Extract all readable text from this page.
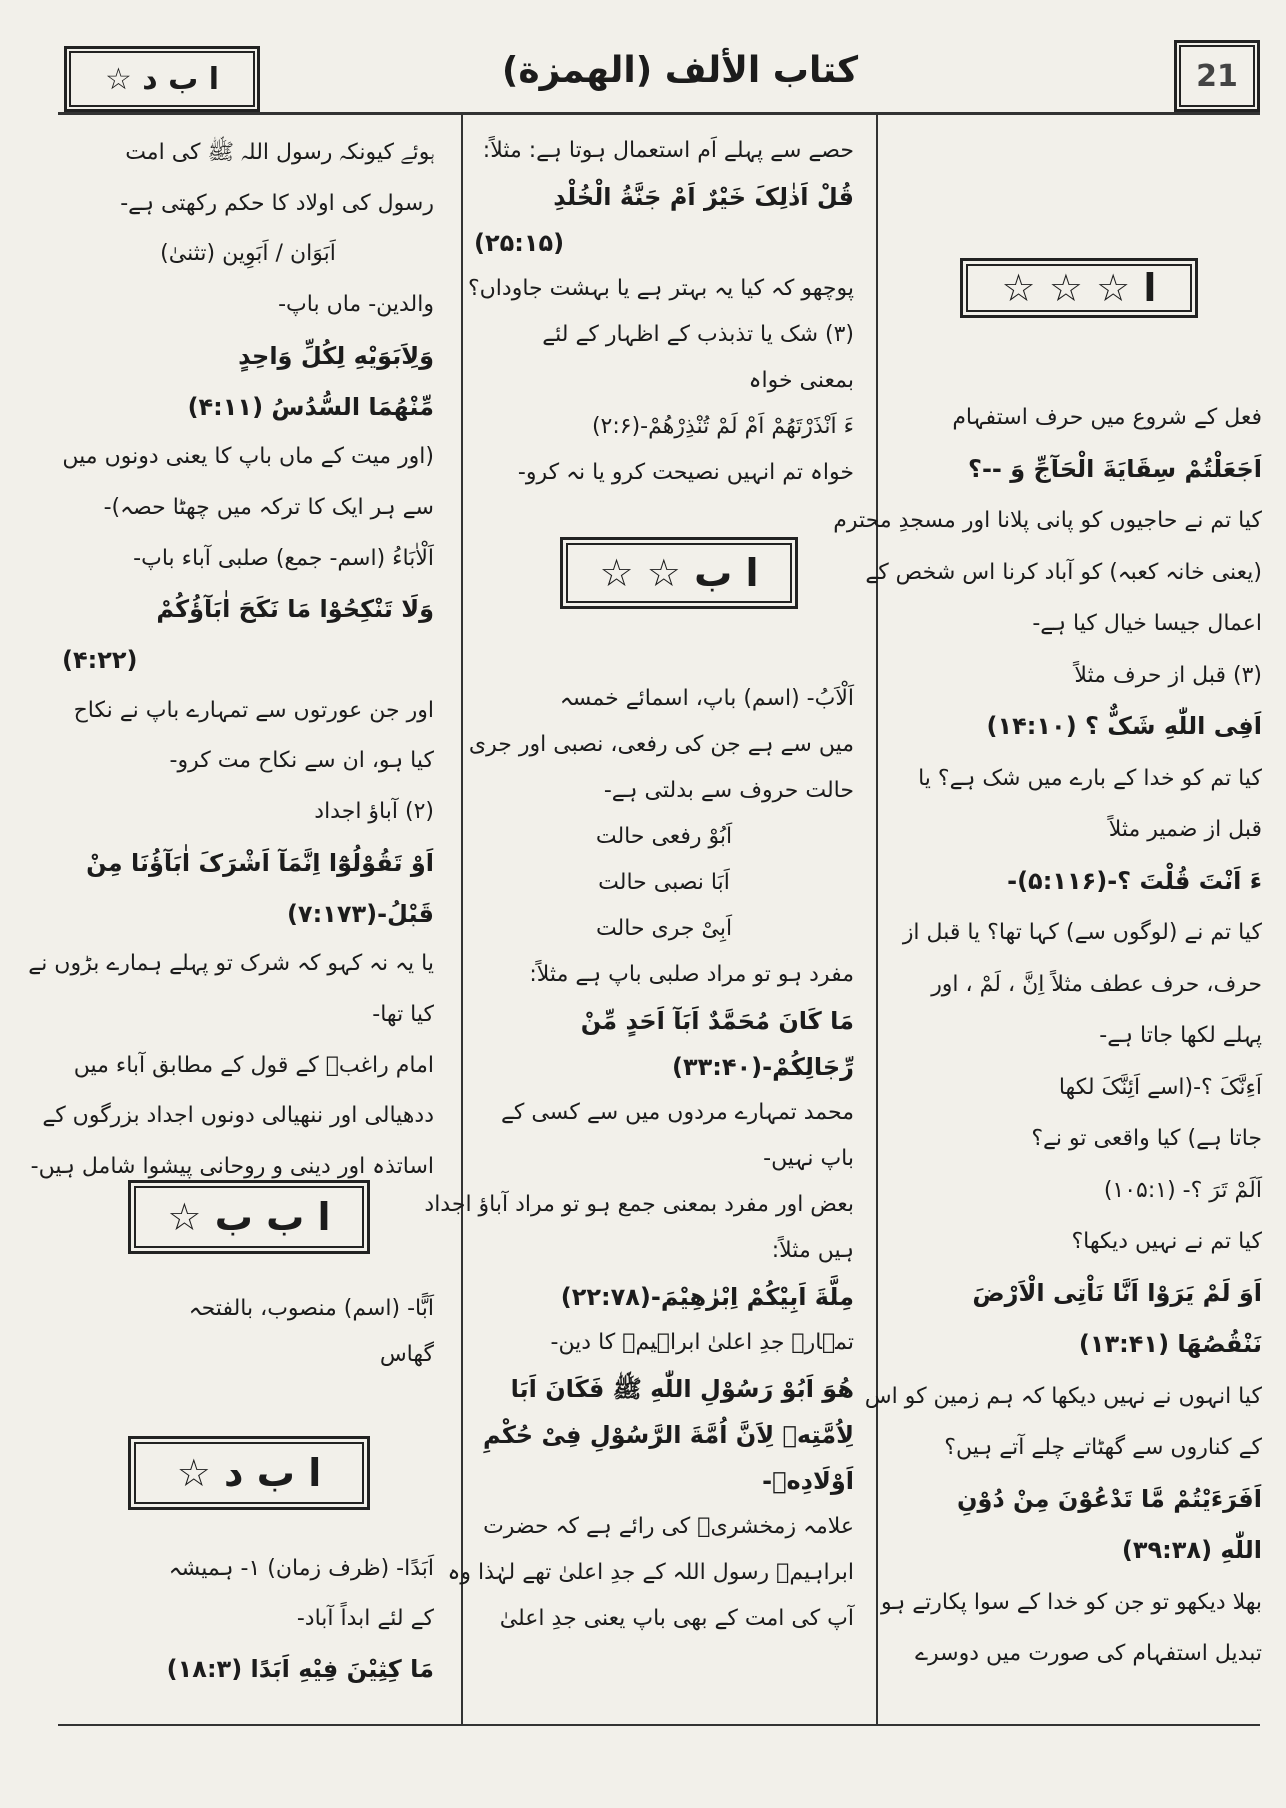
ا ب د ☆	كتاب الألف (الهمزة)	21
ا ☆ ☆ ☆
فعل کے شروع میں حرف استفہام
اَجَعَلْتُمْ سِقَايَةَ الْحَآجِّ وَ --؟
کیا تم نے حاجیوں کو پانی پلانا اور مسجدِ محترم
(یعنی خانہ کعبہ) کو آباد کرنا اس شخص کے
اعمال جیسا خیال کیا ہے-
(۳) قبل از حرف مثلاً
اَفِی اللّٰهِ شَکٌّ ؟ (۱۴:۱۰)
کیا تم کو خدا کے بارے میں شک ہے؟ یا
قبل از ضمیر مثلاً
ءَ اَنْتَ قُلْتَ ؟-(۵:۱۱۶)-
کیا تم نے (لوگوں سے) کہا تھا؟ یا قبل از
حرف، حرف عطف مثلاً اِنَّ ، لَمْ ، اور
پہلے لکھا جاتا ہے-
اَءِنَّکَ ؟-(اسے اَئِنَّکَ لکھا
جاتا ہے) کیا واقعی تو نے؟
اَلَمْ تَرَ ؟- (۱۰۵:۱)
کیا تم نے نہیں دیکھا؟
اَوَ لَمْ یَرَوْا اَنَّا نَاْتِی الْاَرْضَ
نَنْقُصُهَا (۱۳:۴۱)
کیا انہوں نے نہیں دیکھا کہ ہم زمین کو اس
کے کناروں سے گھٹاتے چلے آتے ہیں؟
اَفَرَءَیْتُمْ مَّا تَدْعُوْنَ مِنْ دُوْنِ
اللّٰهِ (۳۹:۳۸)
بھلا دیکھو تو جن کو خدا کے سوا پکارتے ہو
تبدیل استفہام کی صورت میں دوسرے
حصے سے پہلے اَم استعمال ہوتا ہے: مثلاً:
قُلْ اَذٰلِکَ خَیْرٌ اَمْ جَنَّةُ الْخُلْدِ
(۲۵:۱۵)
پوچھو کہ کیا یہ بہتر ہے یا بہشت جاوداں؟
(۳) شک یا تذبذب کے اظہار کے لئے
بمعنی خواہ
ءَ اَنْذَرْتَهُمْ اَمْ لَمْ تُنْذِرْهُمْ-(۲:۶)
خواہ تم انہیں نصیحت کرو یا نہ کرو-
ا ب ☆ ☆
اَلْاَبُ- (اسم) باپ، اسمائے خمسہ
میں سے ہے جن کی رفعی، نصبی اور جری
حالت حروف سے بدلتی ہے-
اَبُوْ رفعی حالت
اَبَا نصبی حالت
اَبِیْ جری حالت
مفرد ہو تو مراد صلبی باپ ہے مثلاً:
مَا کَانَ مُحَمَّدٌ اَبَآ اَحَدٍ مِّنْ
رِّجَالِکُمْ-(۳۳:۴۰)
محمد تمہارے مردوں میں سے کسی کے
باپ نہیں-
بعض اور مفرد بمعنی جمع ہو تو مراد آباؤ اجداد
ہیں مثلاً:
مِلَّةَ اَبِیْکُمْ اِبْرٰهِیْمَ-(۲۲:۷۸)
تمہارے جدِ اعلیٰ ابراہیمؑ کا دین-
هُوَ اَبُوْ رَسُوْلِ اللّٰهِ ﷺ فَکَانَ اَبَا
لِاُمَّتِهٖ لِاَنَّ اُمَّةَ الرَّسُوْلِ فِیْ حُکْمِ
اَوْلَادِهٖ-
علامہ زمخشریؒ کی رائے ہے کہ حضرت
ابراہیمؑ رسول اللہ کے جدِ اعلیٰ تھے لہٰذا وہ
آپ کی امت کے بھی باپ یعنی جدِ اعلیٰ
ہوئے کیونکہ رسول اللہ ﷺ کی امت
رسول کی اولاد کا حکم رکھتی ہے-
اَبَوَان / اَبَوِین (تثنیٰ)
والدین- ماں باپ-
وَلِاَبَوَیْهِ لِکُلِّ وَاحِدٍ
مِّنْهُمَا السُّدُسُ (۴:۱۱)
(اور میت کے ماں باپ کا یعنی دونوں میں
سے ہر ایک کا ترکہ میں چھٹا حصہ)-
اَلْاٰبَاءُ (اسم- جمع) صلبی آباء باپ-
وَلَا تَنْکِحُوْا مَا نَکَحَ اٰبَآؤُکُمْ
(۴:۲۲)
اور جن عورتوں سے تمہارے باپ نے نکاح
کیا ہو، ان سے نکاح مت کرو-
(۲) آباؤ اجداد
اَوْ تَقُوْلُوْٓا اِنَّمَآ اَشْرَکَ اٰبَآؤُنَا مِنْ
قَبْلُ-(۷:۱۷۳)
یا یہ نہ کہو کہ شرک تو پہلے ہمارے بڑوں نے
کیا تھا-
امام راغبؒ کے قول کے مطابق آباء میں
ددھیالی اور ننھیالی دونوں اجداد بزرگوں کے
اساتذہ اور دینی و روحانی پیشوا شامل ہیں-
ا ب ب ☆
اَبًّا- (اسم) منصوب، بالفتحہ
گھاس
ا ب د ☆
اَبَدًا- (ظرف زمان) ۱- ہمیشہ
کے لئے ابداً آباد-
مَا کِثِیْنَ فِیْهِ اَبَدًا (۱۸:۳)
